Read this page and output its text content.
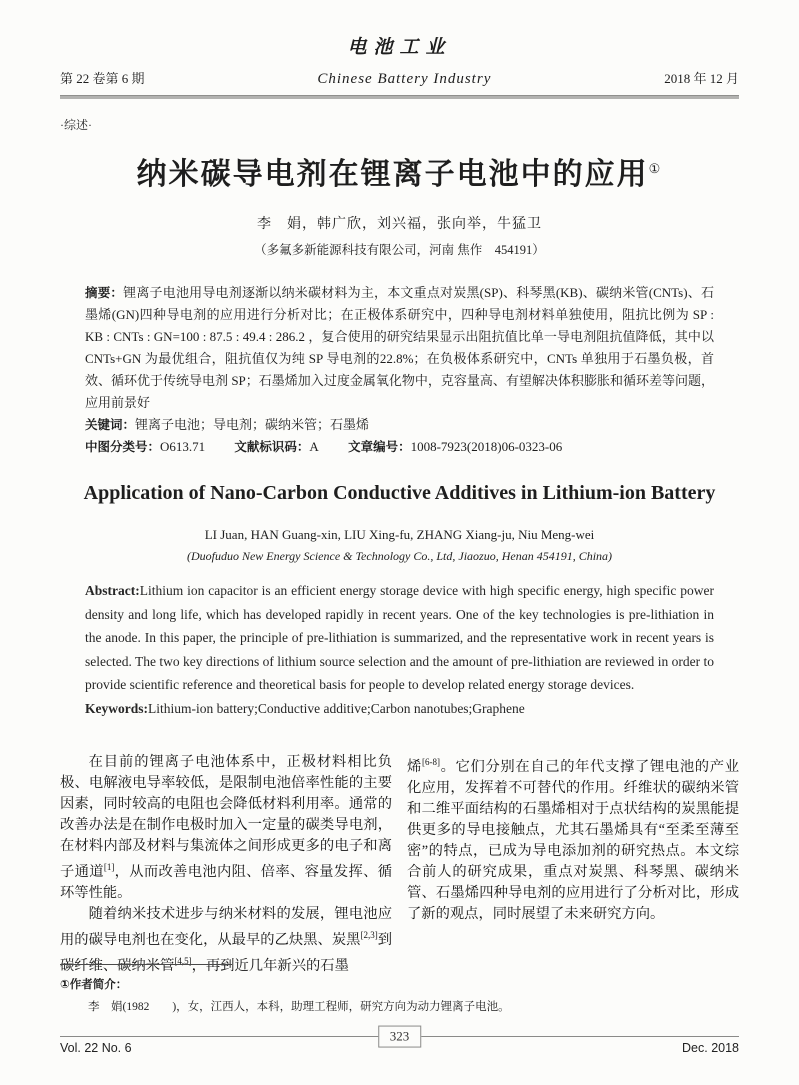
电池工业
第 22 卷第 6 期	Chinese Battery Industry	2018 年 12 月
·综述·
纳米碳导电剂在锂离子电池中的应用①
李　娟，韩广欣，刘兴福，张向举，牛猛卫
（多氟多新能源科技有限公司，河南 焦作　454191）

摘要：锂离子电池用导电剂逐渐以纳米碳材料为主，本文重点对炭黑(SP)、科琴黑(KB)、碳纳米管(CNTs)、石墨烯(GN)四种导电剂的应用进行分析对比；在正极体系研究中，四种导电剂材料单独使用，阻抗比例为 SP : KB : CNTs : GN=100 : 87.5 : 49.4 : 286.2 ，复合使用的研究结果显示出阻抗值比单一导电剂阻抗值降低，其中以 CNTs+GN 为最优组合，阻抗值仅为纯 SP 导电剂的22.8%；在负极体系研究中，CNTs 单独用于石墨负极，首效、循环优于传统导电剂 SP；石墨烯加入过度金属氧化物中，克容量高、有望解决体积膨胀和循环差等问题，应用前景好

关键词：锂离子电池；导电剂；碳纳米管；石墨烯

中图分类号：O613.71 文献标识码：A 文章编号：1008-7923(2018)06-0323-06

Application of Nano-Carbon Conductive Additives in Lithium-ion Battery
LI Juan, HAN Guang-xin, LIU Xing-fu, ZHANG Xiang-ju, Niu Meng-wei
(Duofuduo New Energy Science & Technology Co., Ltd, Jiaozuo, Henan 454191, China)

Abstract:Lithium ion capacitor is an efficient energy storage device with high specific energy, high specific power density and long life, which has developed rapidly in recent years. One of the key technologies is pre-lithiation in the anode. In this paper, the principle of pre-lithiation is summarized, and the representative work in recent years is selected. The two key directions of lithium source selection and the amount of pre-lithiation are reviewed in order to provide scientific reference and theoretical basis for people to develop related energy storage devices.

Keywords:Lithium-ion battery;Conductive additive;Carbon nanotubes;Graphene

在目前的锂离子电池体系中，正极材料相比负极、电解液电导率较低，是限制电池倍率性能的主要因素，同时较高的电阻也会降低材料利用率。通常的改善办法是在制作电极时加入一定量的碳类导电剂，在材料内部及材料与集流体之间形成更多的电子和离子通道[1]，从而改善电池内阻、倍率、容量发挥、循环等性能。

随着纳米技术进步与纳米材料的发展，锂电池应用的碳导电剂也在变化，从最早的乙炔黑、炭黑[2,3]到碳纤维、碳纳米管[4,5]，再到近几年新兴的石墨

烯[6-8]。它们分别在自己的年代支撑了锂电池的产业化应用，发挥着不可替代的作用。纤维状的碳纳米管和二维平面结构的石墨烯相对于点状结构的炭黑能提供更多的导电接触点，尤其石墨烯具有“至柔至薄至密”的特点，已成为导电添加剂的研究热点。本文综合前人的研究成果，重点对炭黑、科琴黑、碳纳米管、石墨烯四种导电剂的应用进行了分析对比，形成了新的观点，同时展望了未来研究方向。

①作者简介：
李　娟(1982　　)，女，江西人，本科，助理工程师，研究方向为动力锂离子电池。
323
Vol. 22 No. 6	Dec. 2018
